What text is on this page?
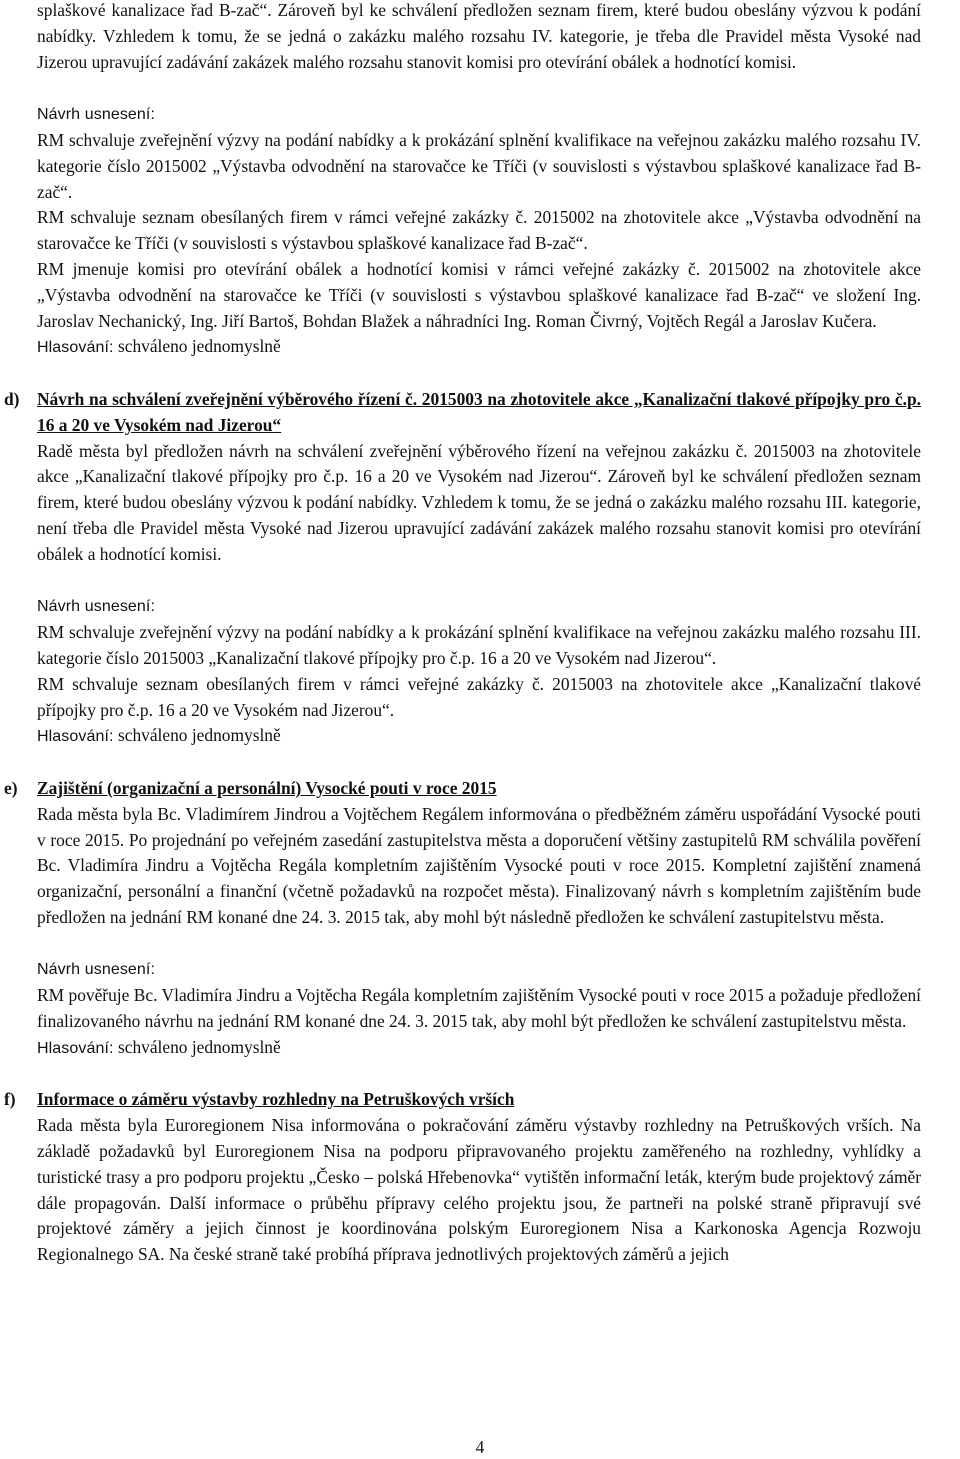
splaškové kanalizace řad B-zač“. Zároveň byl ke schválení předložen seznam firem, které budou obeslány výzvou k podání nabídky. Vzhledem k tomu, že se jedná o zakázku malého rozsahu IV. kategorie, je třeba dle Pravidel města Vysoké nad Jizerou upravující zadávání zakázek malého rozsahu stanovit komisi pro otevírání obálek a hodnotící komisi.

Návrh usnesení:

RM schvaluje zveřejnění výzvy na podání nabídky a k prokázání splnění kvalifikace na veřejnou zakázku malého rozsahu IV. kategorie číslo 2015002 „Výstavba odvodnění na starovačce ke Tříči (v souvislosti s výstavbou splaškové kanalizace řad B-zač“.

RM schvaluje seznam obesílaných firem v rámci veřejné zakázky č. 2015002 na zhotovitele akce „Výstavba odvodnění na starovačce ke Tříči (v souvislosti s výstavbou splaškové kanalizace řad B-zač“.

RM jmenuje komisi pro otevírání obálek a hodnotící komisi v rámci veřejné zakázky č. 2015002 na zhotovitele akce „Výstavba odvodnění na starovačce ke Tříči (v souvislosti s výstavbou splaškové kanalizace řad B-zač“ ve složení Ing. Jaroslav Nechanický, Ing. Jiří Bartoš, Bohdan Blažek a náhradníci Ing. Roman Čivrný, Vojtěch Regál a Jaroslav Kučera.

Hlasování: schváleno jednomyslně

d) Návrh na schválení zveřejnění výběrového řízení č. 2015003 na zhotovitele akce „Kanalizační tlakové přípojky pro č.p. 16 a 20 ve Vysokém nad Jizerou“

Radě města byl předložen návrh na schválení zveřejnění výběrového řízení na veřejnou zakázku č. 2015003 na zhotovitele akce „Kanalizační tlakové přípojky pro č.p. 16 a 20 ve Vysokém nad Jizerou“. Zároveň byl ke schválení předložen seznam firem, které budou obeslány výzvou k podání nabídky. Vzhledem k tomu, že se jedná o zakázku malého rozsahu III. kategorie, není třeba dle Pravidel města Vysoké nad Jizerou upravující zadávání zakázek malého rozsahu stanovit komisi pro otevírání obálek a hodnotící komisi.

Návrh usnesení:

RM schvaluje zveřejnění výzvy na podání nabídky a k prokázání splnění kvalifikace na veřejnou zakázku malého rozsahu III. kategorie číslo 2015003 „Kanalizační tlakové přípojky pro č.p. 16 a 20 ve Vysokém nad Jizerou“.

RM schvaluje seznam obesílaných firem v rámci veřejné zakázky č. 2015003 na zhotovitele akce „Kanalizační tlakové přípojky pro č.p. 16 a 20 ve Vysokém nad Jizerou“.

Hlasování: schváleno jednomyslně

e) Zajištění (organizační a personální) Vysocké pouti v roce 2015

Rada města byla Bc. Vladimírem Jindrou a Vojtěchem Regálem informována o předběžném záměru uspořádání Vysocké pouti v roce 2015. Po projednání po veřejném zasedání zastupitelstva města a doporučení většiny zastupitelů RM schválila pověření Bc. Vladimíra Jindru a Vojtěcha Regála kompletním zajištěním Vysocké pouti v roce 2015. Kompletní zajištění znamená organizační, personální a finanční (včetně požadavků na rozpočet města). Finalizovaný návrh s kompletním zajištěním bude předložen na jednání RM konané dne 24. 3. 2015 tak, aby mohl být následně předložen ke schválení zastupitelstvu města.

Návrh usnesení:

RM pověřuje Bc. Vladimíra Jindru a Vojtěcha Regála kompletním zajištěním Vysocké pouti v roce 2015 a požaduje předložení finalizovaného návrhu na jednání RM konané dne 24. 3. 2015 tak, aby mohl být předložen ke schválení zastupitelstvu města.

Hlasování: schváleno jednomyslně

f) Informace o záměru výstavby rozhledny na Petruškových vrších

Rada města byla Euroregionem Nisa informována o pokračování záměru výstavby rozhledny na Petruškových vrších. Na základě požadavků byl Euroregionem Nisa na podporu připravovaného projektu zaměřeného na rozhledny, vyhlídky a turistické trasy a pro podporu projektu „Česko – polská Hřebenovka“ vytištěn informační leták, kterým bude projektový záměr dále propagován. Další informace o průběhu přípravy celého projektu jsou, že partneři na polské straně připravují své projektové záměry a jejich činnost je koordinována polským Euroregionem Nisa a Karkonoska Agencja Rozwoju Regionalnego SA. Na české straně také probíhá příprava jednotlivých projektových záměrů a jejich

4
